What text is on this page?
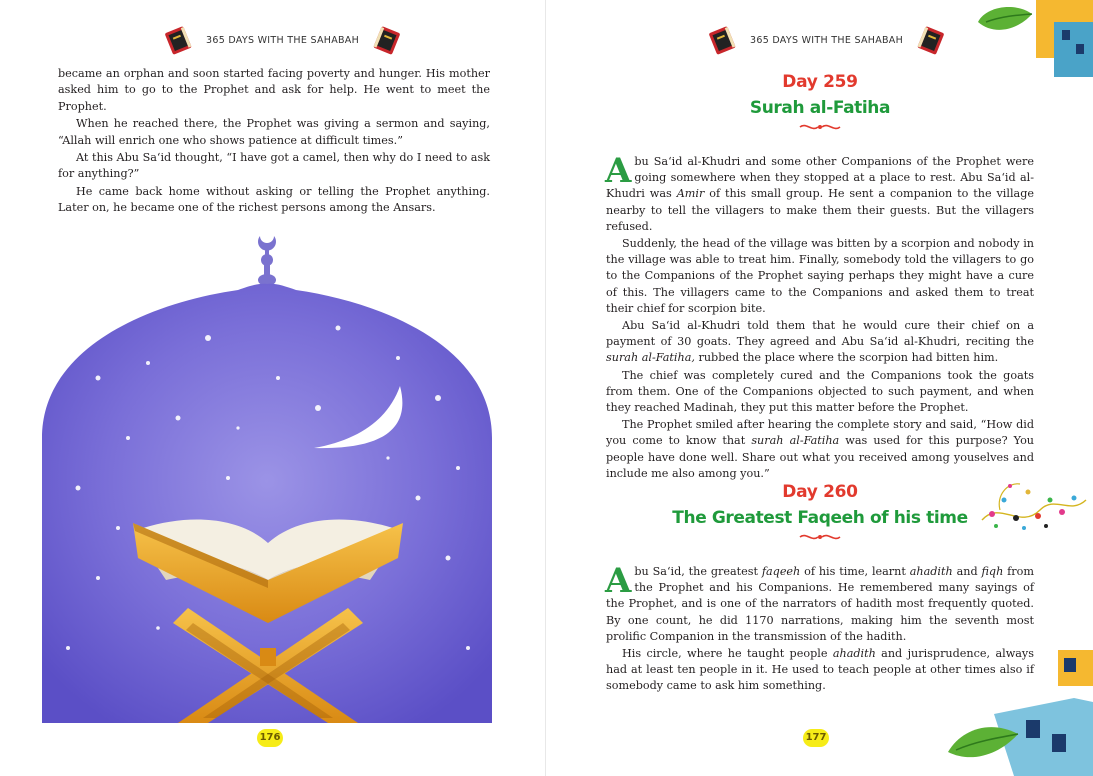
365 DAYS WITH THE SAHABAH

became an orphan and soon started facing poverty and hunger. His mother asked him to go to the Prophet and ask for help. He went to meet the Prophet.

When he reached there, the Prophet was giving a sermon and saying, “Allah will enrich one who shows patience at difficult times.”

At this Abu Sa‘id thought, “I have got a camel, then why do I need to ask for anything?”

He came back home without asking or telling the Prophet anything. Later on, he became one of the richest persons among the Ansars.

176
365 DAYS WITH THE SAHABAH
Day 259
Surah al-Fatiha

Abu Sa‘id al-Khudri and some other Companions of the Prophet were going somewhere when they stopped at a place to rest. Abu Sa‘id al-Khudri was Amir of this small group. He sent a companion to the village nearby to tell the villagers to make them their guests. But the villagers refused.

Suddenly, the head of the village was bitten by a scorpion and nobody in the village was able to treat him. Finally, somebody told the villagers to go to the Companions of the Prophet saying perhaps they might have a cure of this. The villagers came to the Companions and asked them to treat their chief for scorpion bite.

Abu Sa‘id al-Khudri told them that he would cure their chief on a payment of 30 goats. They agreed and Abu Sa‘id al-Khudri, reciting the surah al-Fatiha, rubbed the place where the scorpion had bitten him.

The chief was completely cured and the Companions took the goats from them. One of the Companions objected to such payment, and when they reached Madinah, they put this matter before the Prophet.

The Prophet smiled after hearing the complete story and said, “How did you come to know that surah al-Fatiha was used for this purpose? You people have done well. Share out what you received among youselves and include me also among you.”

Day 260
The Greatest Faqeeh of his time

Abu Sa‘id, the greatest faqeeh of his time, learnt ahadith and fiqh from the Prophet and his Companions. He remembered many sayings of the Prophet, and is one of the narrators of hadith most frequently quoted. By one count, he did 1170 narrations, making him the seventh most prolific Companion in the transmission of the hadith.

His circle, where he taught people ahadith and jurisprudence, always had at least ten people in it. He used to teach people at other times also if somebody came to ask him something.

177
